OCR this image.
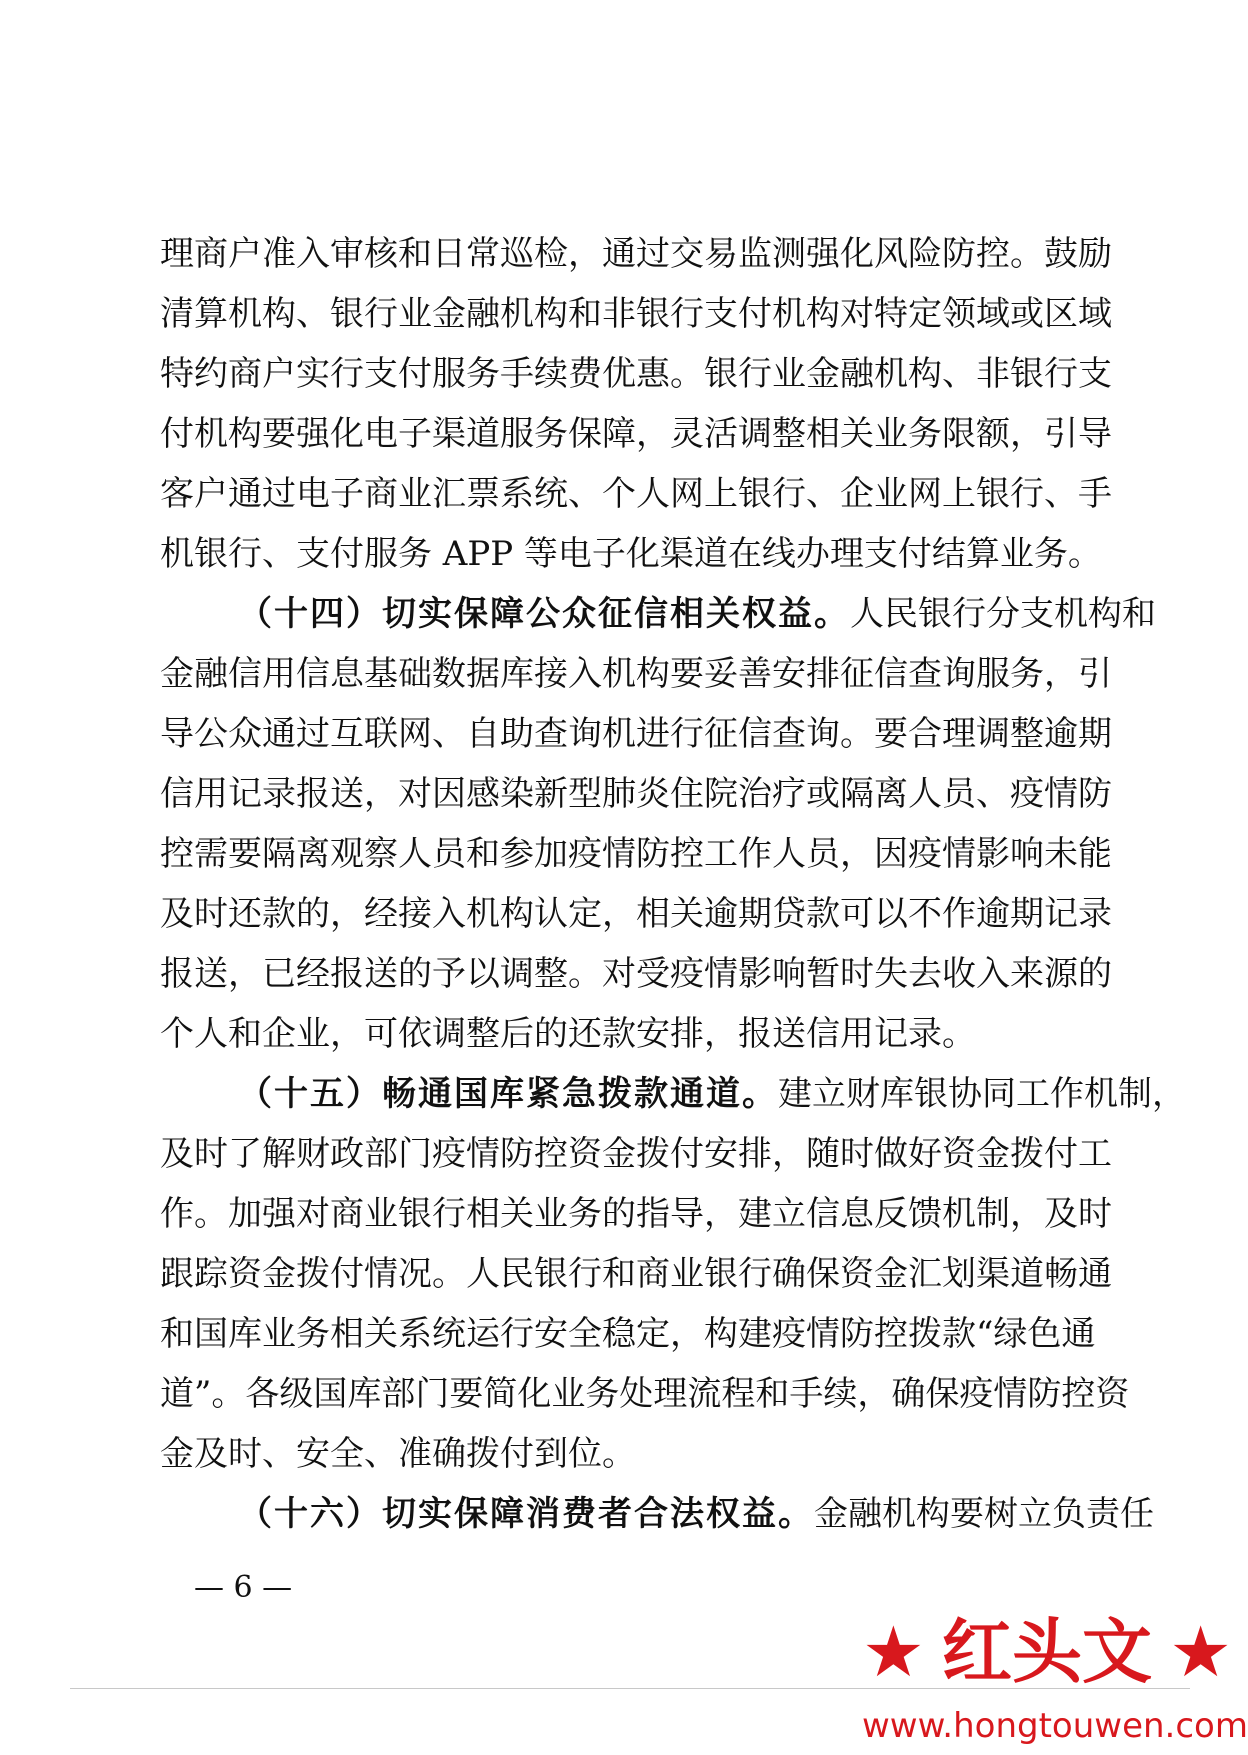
理商户准入审核和日常巡检，通过交易监测强化风险防控。鼓励
清算机构、银行业金融机构和非银行支付机构对特定领域或区域
特约商户实行支付服务手续费优惠。银行业金融机构、非银行支
付机构要强化电子渠道服务保障，灵活调整相关业务限额，引导
客户通过电子商业汇票系统、个人网上银行、企业网上银行、手
机银行、支付服务 APP 等电子化渠道在线办理支付结算业务。
（十四）切实保障公众征信相关权益。人民银行分支机构和
金融信用信息基础数据库接入机构要妥善安排征信查询服务，引
导公众通过互联网、自助查询机进行征信查询。要合理调整逾期
信用记录报送，对因感染新型肺炎住院治疗或隔离人员、疫情防
控需要隔离观察人员和参加疫情防控工作人员，因疫情影响未能
及时还款的，经接入机构认定，相关逾期贷款可以不作逾期记录
报送，已经报送的予以调整。对受疫情影响暂时失去收入来源的
个人和企业，可依调整后的还款安排，报送信用记录。
（十五）畅通国库紧急拨款通道。建立财库银协同工作机制，
及时了解财政部门疫情防控资金拨付安排，随时做好资金拨付工
作。加强对商业银行相关业务的指导，建立信息反馈机制，及时
跟踪资金拨付情况。人民银行和商业银行确保资金汇划渠道畅通
和国库业务相关系统运行安全稳定，构建疫情防控拨款“绿色通
道”。各级国库部门要简化业务处理流程和手续，确保疫情防控资
金及时、安全、准确拨付到位。
（十六）切实保障消费者合法权益。金融机构要树立负责任
— 6 —
★ 红头文 ★
www.hongtouwen.com
